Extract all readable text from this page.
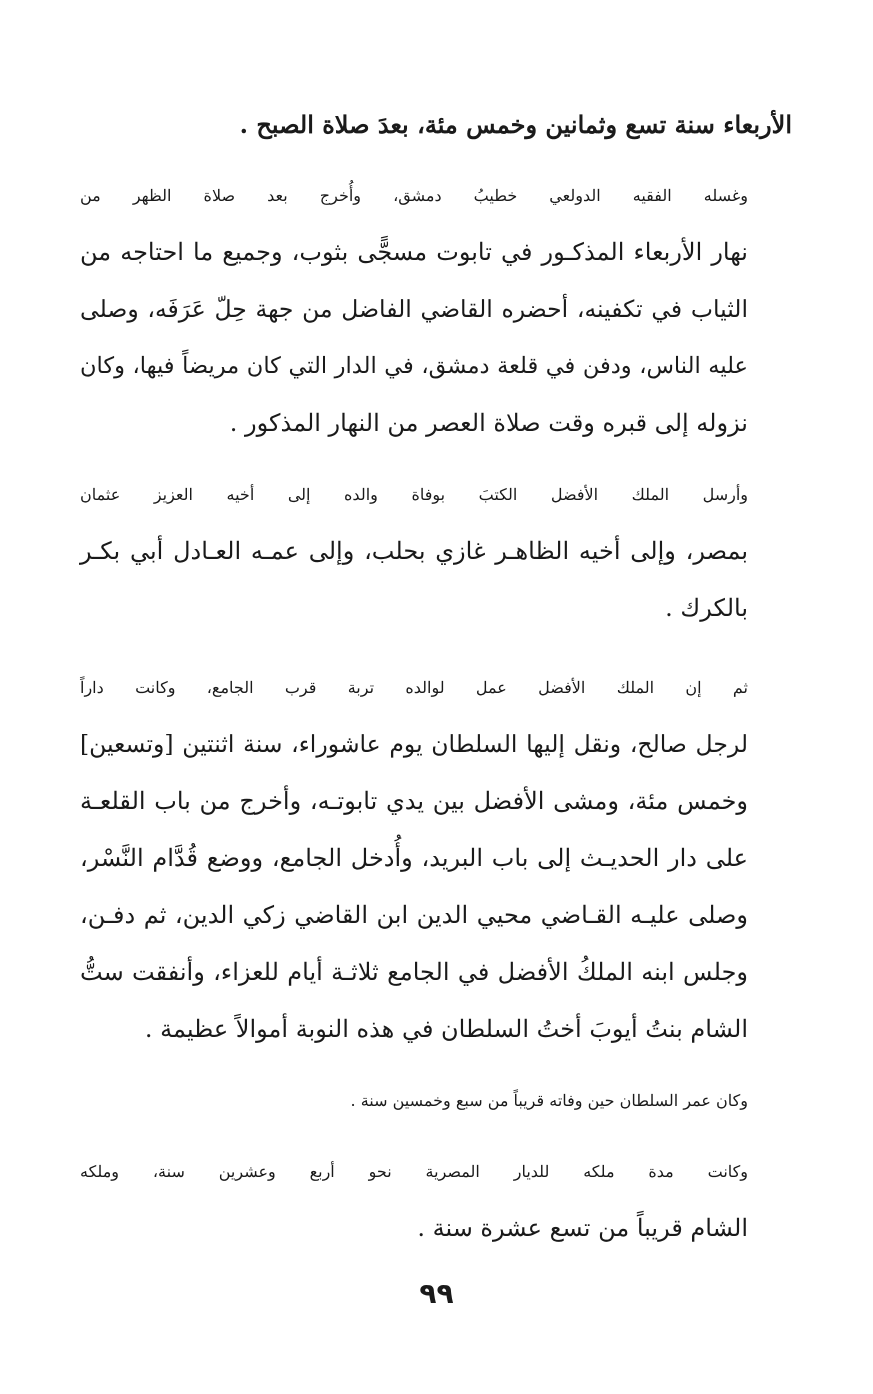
الأربعاء سنة تسع وثمانين وخمس مئة، بعدَ صلاة الصبح .

وغسله الفقيه الدولعي خطيبُ دمشق، وأُخرج بعد صلاة الظهر من
نهار الأربعاء المذكـور في تابوت مسجًّى بثوب، وجميع ما احتاجه من
الثياب في تكفينه، أحضره القاضي الفاضل من جهة حِلّ عَرَفَه، وصلى
عليه الناس، ودفن في قلعة دمشق، في الدار التي كان مريضاً فيها، وكان
نزوله إلى قبره وقت صلاة العصر من النهار المذكور .

وأرسل الملك الأفضل الكتبَ بوفاة والده إلى أخيه العزيز عثمان
بمصر، وإلى أخيه الظاهـر غازي بحلب، وإلى عمـه العـادل أبي بكـر
بالكرك .

ثم إن الملك الأفضل عمل لوالده تربة قرب الجامع، وكانت داراً
لرجل صالح، ونقل إليها السلطان يوم عاشوراء، سنة اثنتين [وتسعين]
وخمس مئة، ومشى الأفضل بين يدي تابوتـه، وأخرج من باب القلعـة
على دار الحديـث إلى باب البريد، وأُدخل الجامع، ووضع قُدَّام النَّسْر،
وصلى عليـه القـاضي محيي الدين ابن القاضي زكي الدين، ثم دفـن،
وجلس ابنه الملكُ الأفضل في الجامع ثلاثـة أيام للعزاء، وأنفقت ستُّ
الشام بنتُ أيوبَ أختُ السلطان في هذه النوبة أموالاً عظيمة .

وكان عمر السلطان حين وفاته قريباً من سبع وخمسين سنة .

وكانت مدة ملكه للديار المصرية نحو أربع وعشرين سنة، وملكه
الشام قريباً من تسع عشرة سنة .

٩٩
